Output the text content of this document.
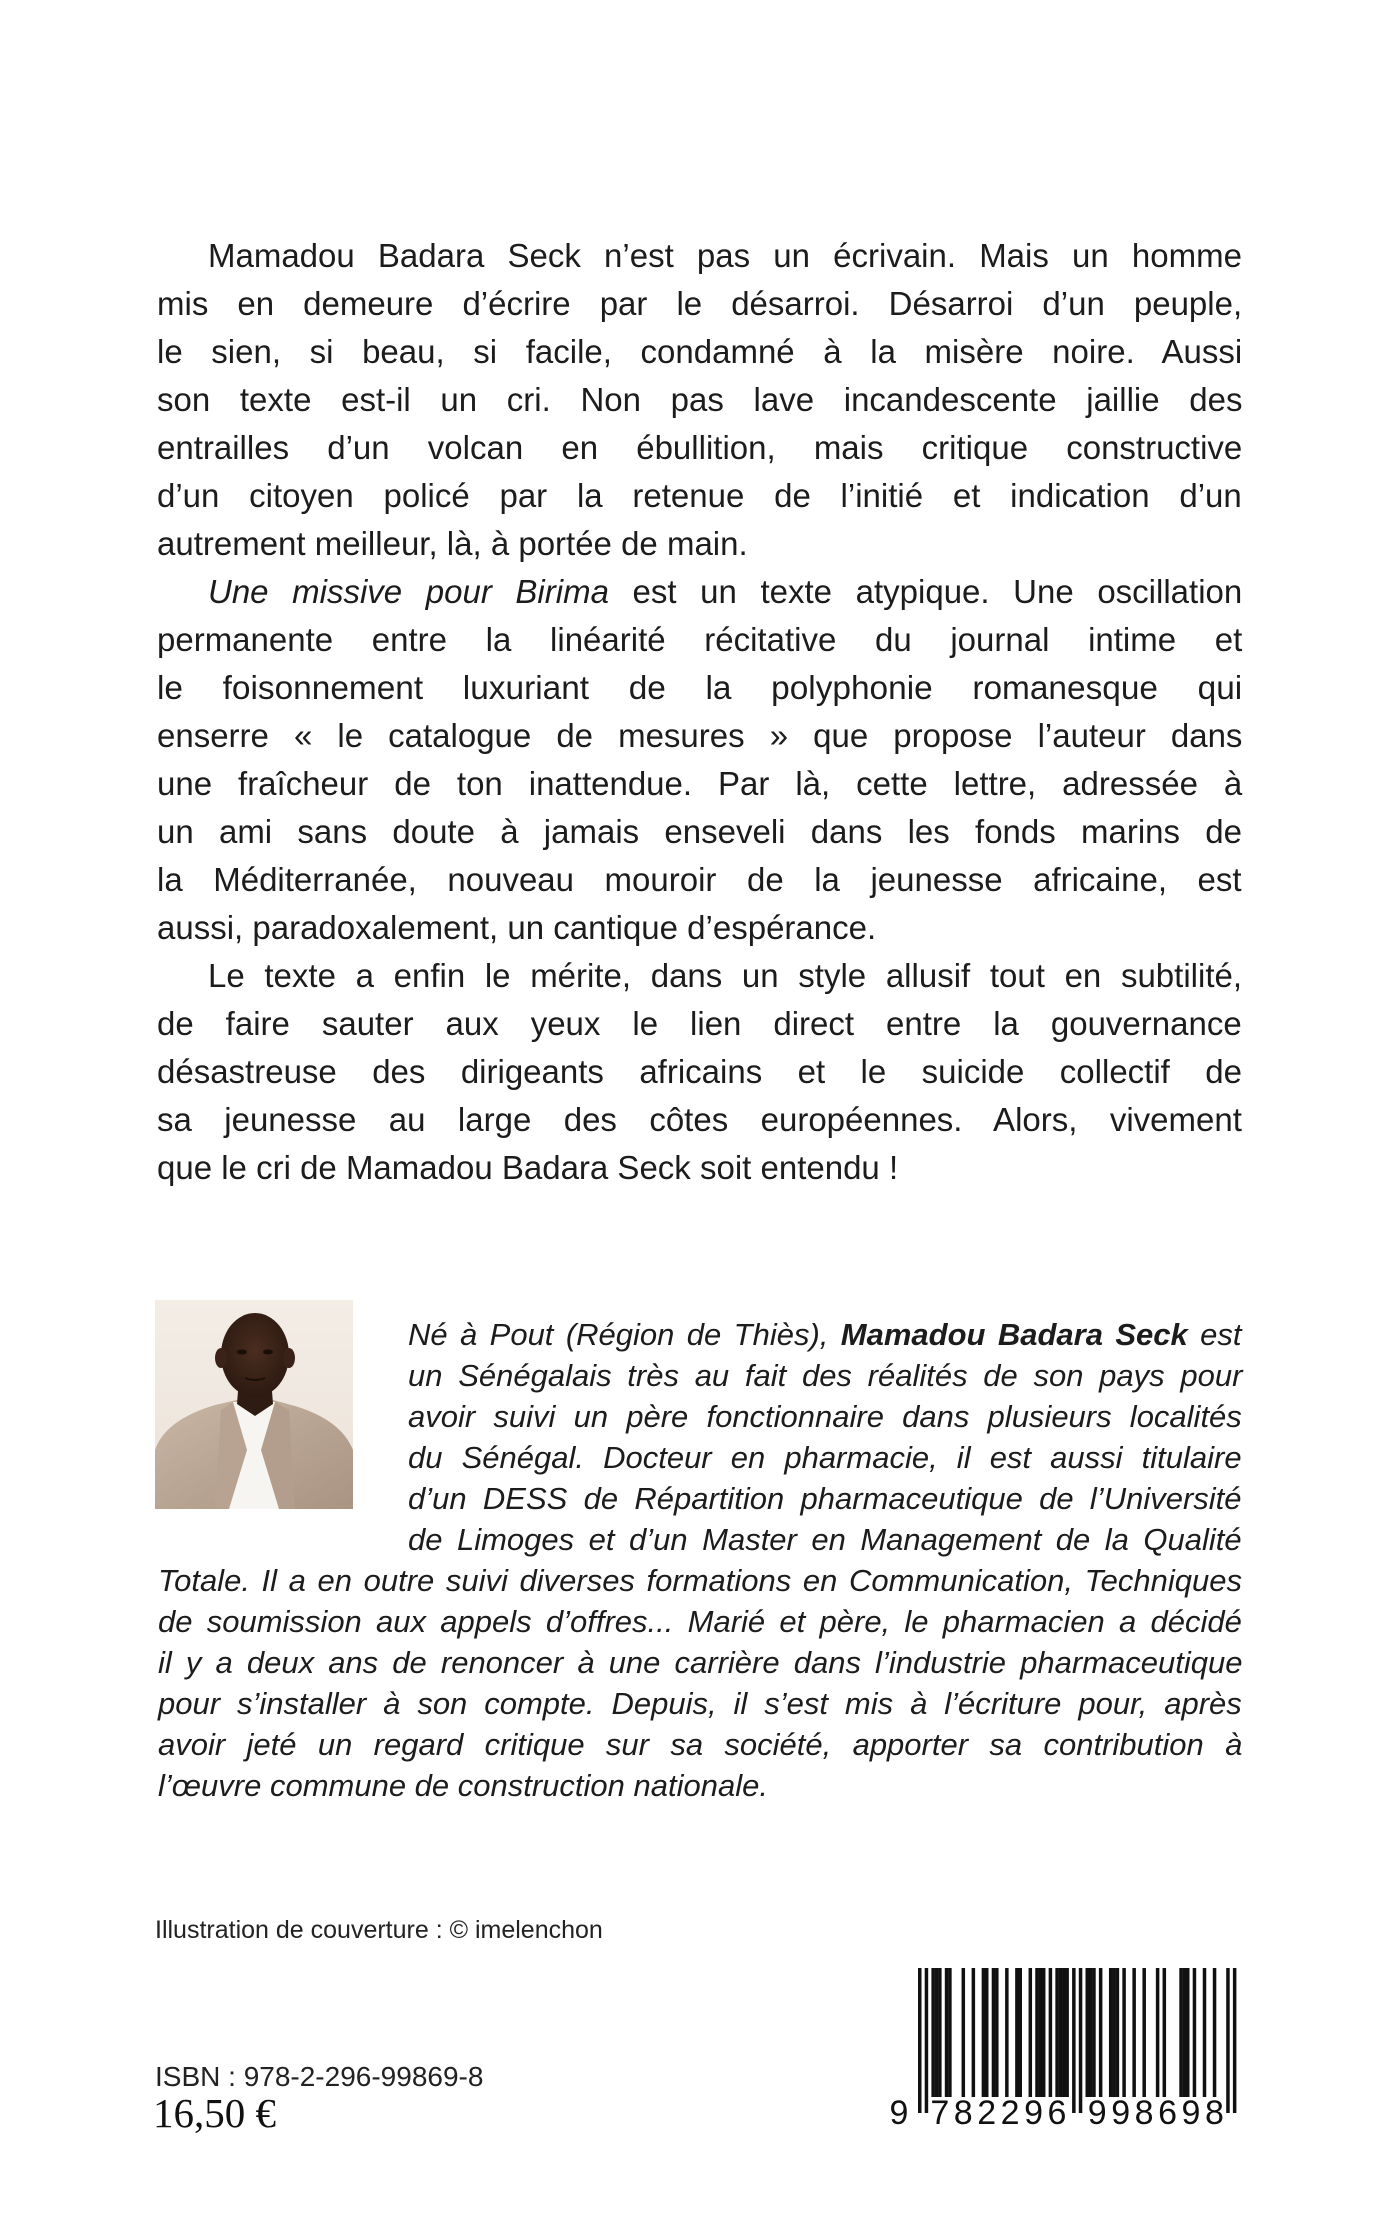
Mamadou Badara Seck n’est pas un écrivain. Mais un homme
mis en demeure d’écrire par le désarroi. Désarroi d’un peuple,
le sien, si beau, si facile, condamné à la misère noire. Aussi
son texte est-il un cri. Non pas lave incandescente jaillie des
entrailles d’un volcan en ébullition, mais critique constructive
d’un citoyen policé par la retenue de l’initié et indication d’un
autrement meilleur, là, à portée de main.
Une missive pour Birima est un texte atypique. Une oscillation
permanente entre la linéarité récitative du journal intime et
le foisonnement luxuriant de la polyphonie romanesque qui
enserre « le catalogue de mesures » que propose l’auteur dans
une fraîcheur de ton inattendue. Par là, cette lettre, adressée à
un ami sans doute à jamais enseveli dans les fonds marins de
la Méditerranée, nouveau mouroir de la jeunesse africaine, est
aussi, paradoxalement, un cantique d’espérance.
Le texte a enfin le mérite, dans un style allusif tout en subtilité,
de faire sauter aux yeux le lien direct entre la gouvernance
désastreuse des dirigeants africains et le suicide collectif de
sa jeunesse au large des côtes européennes. Alors, vivement
que le cri de Mamadou Badara Seck soit entendu !
Né à Pout (Région de Thiès), Mamadou Badara Seck est
un Sénégalais très au fait des réalités de son pays pour
avoir suivi un père fonctionnaire dans plusieurs localités
du Sénégal. Docteur en pharmacie, il est aussi titulaire
d’un DESS de Répartition pharmaceutique de l’Université
de Limoges et d’un Master en Management de la Qualité
Totale. Il a en outre suivi diverses formations en Communication, Techniques
de soumission aux appels d’offres... Marié et père, le pharmacien a décidé
il y a deux ans de renoncer à une carrière dans l’industrie pharmaceutique
pour s’installer à son compte. Depuis, il s’est mis à l’écriture pour, après
avoir jeté un regard critique sur sa société, apporter sa contribution à
l’œuvre commune de construction nationale.
Illustration de couverture : © imelenchon
ISBN : 978-2-296-99869-8
16,50 €	9 7	9
8	9
2	8
2	6
9	9
6	8
